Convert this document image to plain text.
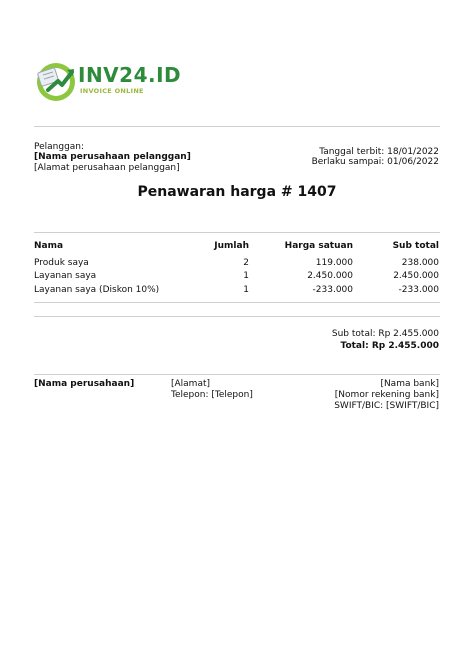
INV24.ID
INVOICE ONLINE
Pelanggan:
[Nama perusahaan pelanggan]
[Alamat perusahaan pelanggan]
Tanggal terbit: 18/01/2022
Berlaku sampai: 01/06/2022
Penawaran harga # 1407
Nama	Jumlah	Harga satuan	Sub total
Produk saya	2	119.000	238.000
Layanan saya	1	2.450.000	2.450.000
Layanan saya (Diskon 10%)	1	-233.000	-233.000
Sub total: Rp 2.455.000
Total: Rp 2.455.000
[Nama perusahaan]	[Alamat]
Telepon: [Telepon]
[Nama bank]
[Nomor rekening bank]
SWIFT/BIC: [SWIFT/BIC]
